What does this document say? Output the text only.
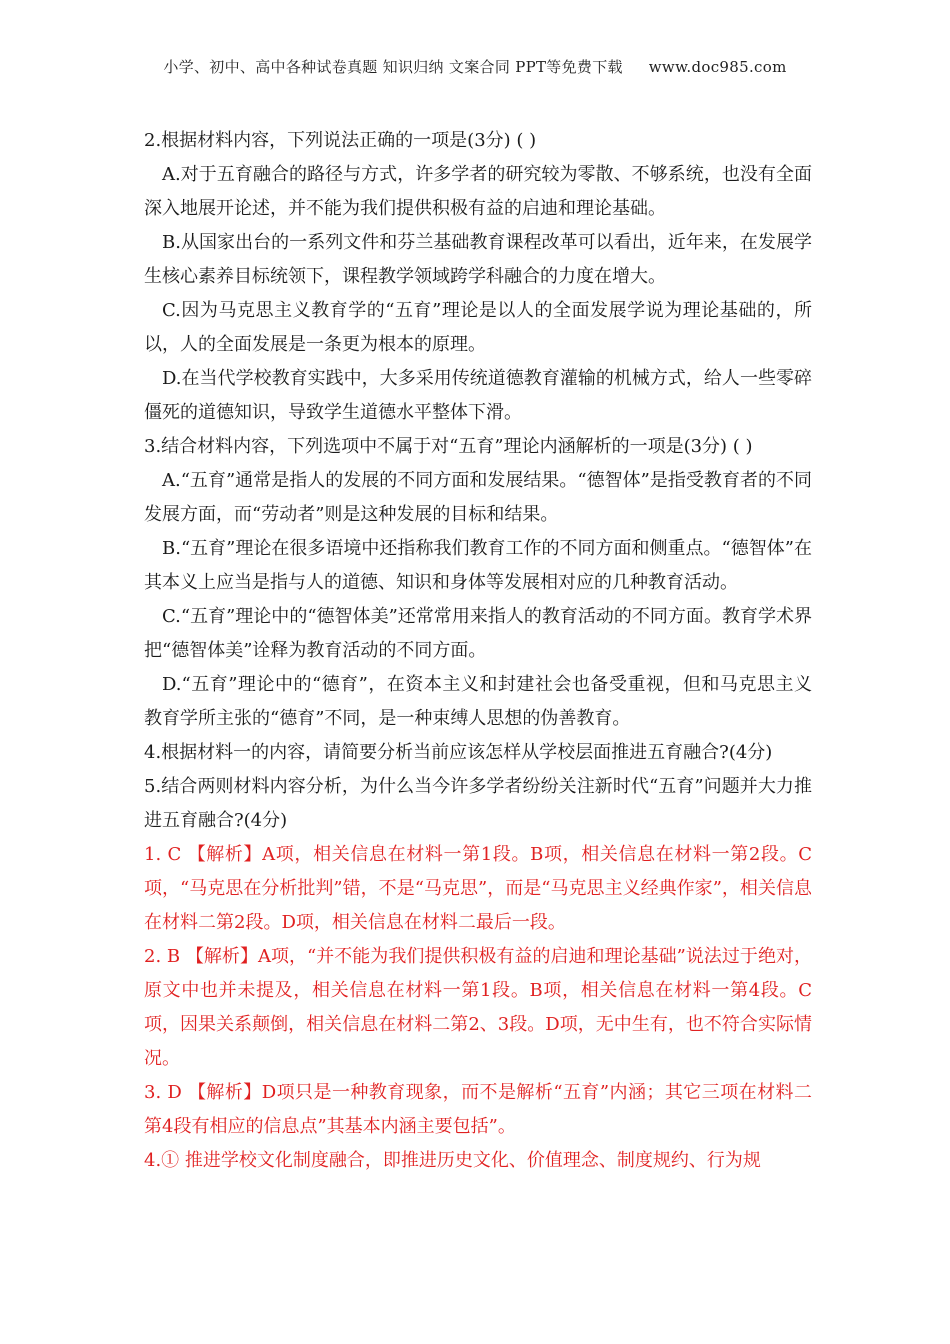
小学、初中、高中各种试卷真题 知识归纳 文案合同 PPT等免费下载 www.doc985.com

2.根据材料内容，下列说法正确的一项是(3分) ( )

A.对于五育融合的路径与方式，许多学者的研究较为零散、不够系统，也没有全面深入地展开论述，并不能为我们提供积极有益的启迪和理论基础。

B.从国家出台的一系列文件和芬兰基础教育课程改革可以看出，近年来，在发展学生核心素养目标统领下，课程教学领域跨学科融合的力度在增大。

C.因为马克思主义教育学的“五育”理论是以人的全面发展学说为理论基础的，所以，人的全面发展是一条更为根本的原理。

D.在当代学校教育实践中，大多采用传统道德教育灌输的机械方式，给人一些零碎僵死的道德知识，导致学生道德水平整体下滑。

3.结合材料内容，下列选项中不属于对“五育”理论内涵解析的一项是(3分) ( )

A.“五育”通常是指人的发展的不同方面和发展结果。“德智体”是指受教育者的不同发展方面，而“劳动者”则是这种发展的目标和结果。

B.“五育”理论在很多语境中还指称我们教育工作的不同方面和侧重点。“德智体”在其本义上应当是指与人的道德、知识和身体等发展相对应的几种教育活动。

C.“五育”理论中的“德智体美”还常常用来指人的教育活动的不同方面。教育学术界把“德智体美”诠释为教育活动的不同方面。

D.“五育”理论中的“德育”，在资本主义和封建社会也备受重视，但和马克思主义教育学所主张的“德育”不同，是一种束缚人思想的伪善教育。

4.根据材料一的内容，请简要分析当前应该怎样从学校层面推进五育融合?(4分)

5.结合两则材料内容分析，为什么当今许多学者纷纷关注新时代“五育”问题并大力推进五育融合?(4分)

1. C 【解析】A项，相关信息在材料一第1段。B项，相关信息在材料一第2段。C项，“马克思在分析批判”错，不是“马克思”，而是“马克思主义经典作家”，相关信息在材料二第2段。D项，相关信息在材料二最后一段。

2. B 【解析】A项，“并不能为我们提供积极有益的启迪和理论基础”说法过于绝对，原文中也并未提及，相关信息在材料一第1段。B项，相关信息在材料一第4段。C项，因果关系颠倒，相关信息在材料二第2、3段。D项，无中生有，也不符合实际情况。

3. D 【解析】D项只是一种教育现象，而不是解析“五育”内涵；其它三项在材料二第4段有相应的信息点”其基本内涵主要包括”。

4.① 推进学校文化制度融合，即推进历史文化、价值理念、制度规约、行为规
